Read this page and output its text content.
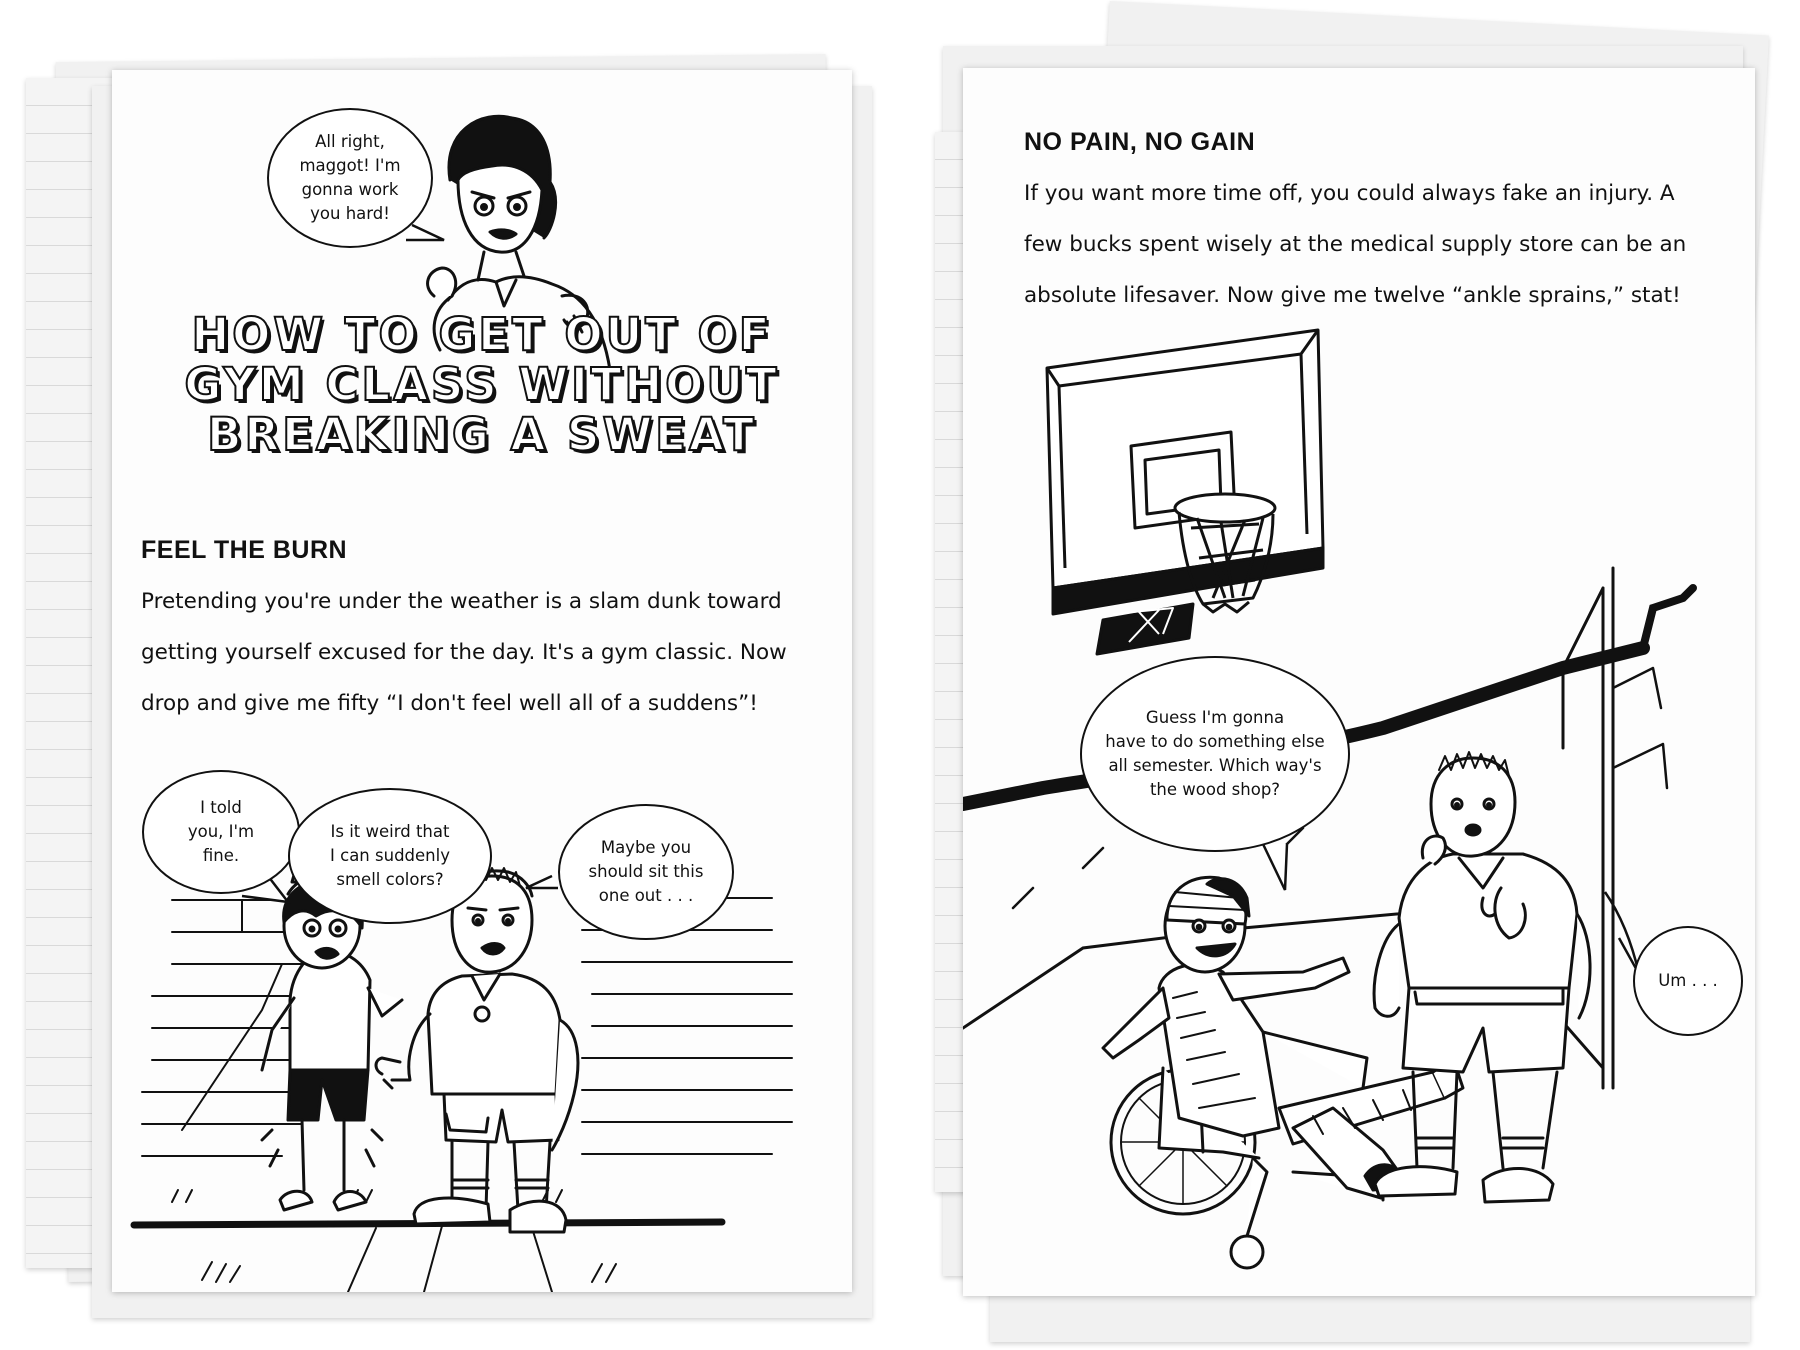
All right,
maggot! I'm
gonna work
you hard!
HOW TO GET OUT OF
GYM CLASS WITHOUT
BREAKING A SWEAT
FEEL THE BURN

Pretending you're under the weather is a slam dunk toward

getting yourself excused for the day. It's a gym classic. Now

drop and give me fifty “I don't feel well all of a suddens”!

I told
you, I'm
fine.
Is it weird that
I can suddenly
smell colors?
Maybe you
should sit this
one out . . .
NO PAIN, NO GAIN

If you want more time off, you could always fake an injury. A

few bucks spent wisely at the medical supply store can be an

absolute lifesaver. Now give me twelve “ankle sprains,” stat!

Guess I'm gonna
have to do something else
all semester. Which way's
the wood shop?
Um . . .
